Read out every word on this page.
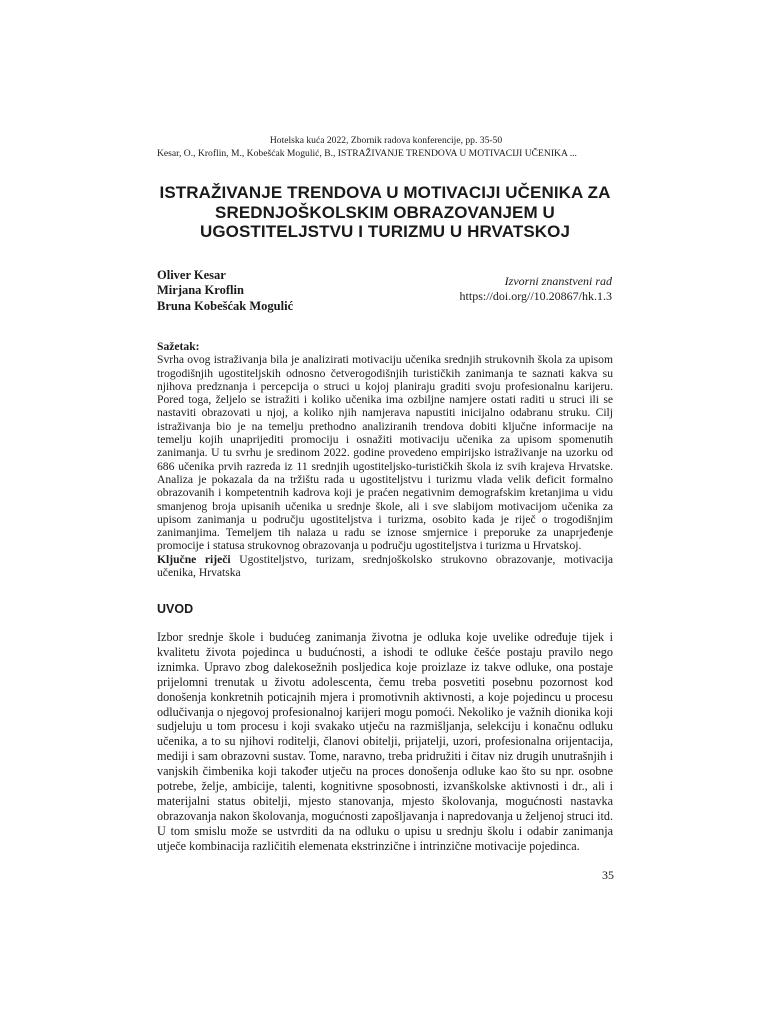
Hotelska kuća 2022, Zbornik radova konferencije, pp. 35-50
Kesar, O., Kroflin, M., Kobešćak Mogulić, B., ISTRAŽIVANJE TRENDOVA U MOTIVACIJI UČENIKA ...
ISTRAŽIVANJE TRENDOVA U MOTIVACIJI UČENIKA ZA SREDNJOŠKOLSKIM OBRAZOVANJEM U UGOSTITELJSTVU I TURIZMU U HRVATSKOJ
Oliver Kesar
Mirjana Kroflin
Bruna Kobešćak Mogulić
Izvorni znanstveni rad
https://doi.org//10.20867/hk.1.3
Sažetak:
Svrha ovog istraživanja bila je analizirati motivaciju učenika srednjih strukovnih škola za upisom trogodišnjih ugostiteljskih odnosno četverogodišnjih turističkih zanimanja te saznati kakva su njihova predznanja i percepcija o struci u kojoj planiraju graditi svoju profesionalnu karijeru. Pored toga, željelo se istražiti i koliko učenika ima ozbiljne namjere ostati raditi u struci ili se nastaviti obrazovati u njoj, a koliko njih namjerava napustiti inicijalno odabranu struku. Cilj istraživanja bio je na temelju prethodno analiziranih trendova dobiti ključne informacije na temelju kojih unaprijediti promociju i osnažiti motivaciju učenika za upisom spomenutih zanimanja. U tu svrhu je sredinom 2022. godine provedeno empirijsko istraživanje na uzorku od 686 učenika prvih razreda iz 11 srednjih ugostiteljsko-turističkih škola iz svih krajeva Hrvatske. Analiza je pokazala da na tržištu rada u ugostiteljstvu i turizmu vlada velik deficit formalno obrazovanih i kompetentnih kadrova koji je praćen negativnim demografskim kretanjima u vidu smanjenog broja upisanih učenika u srednje škole, ali i sve slabijom motivacijom učenika za upisom zanimanja u području ugostiteljstva i turizma, osobito kada je riječ o trogodišnjim zanimanjima. Temeljem tih nalaza u radu se iznose smjernice i preporuke za unaprjeđenje promocije i statusa strukovnog obrazovanja u području ugostiteljstva i turizma u Hrvatskoj.
Ključne riječi Ugostiteljstvo, turizam, srednjoškolsko strukovno obrazovanje, motivacija učenika, Hrvatska
UVOD
Izbor srednje škole i budućeg zanimanja životna je odluka koje uvelike određuje tijek i kvalitetu života pojedinca u budućnosti, a ishodi te odluke češće postaju pravilo nego iznimka. Upravo zbog dalekosežnih posljedica koje proizlaze iz takve odluke, ona postaje prijelomni trenutak u životu adolescenta, čemu treba posvetiti posebnu pozornost kod donošenja konkretnih poticajnih mjera i promotivnih aktivnosti, a koje pojedincu u procesu odlučivanja o njegovoj profesionalnoj karijeri mogu pomoći. Nekoliko je važnih dionika koji sudjeluju u tom procesu i koji svakako utječu na razmišljanja, selekciju i konačnu odluku učenika, a to su njihovi roditelji, članovi obitelji, prijatelji, uzori, profesionalna orijentacija, mediji i sam obrazovni sustav. Tome, naravno, treba pridružiti i čitav niz drugih unutrašnjih i vanjskih čimbenika koji također utječu na proces donošenja odluke kao što su npr. osobne potrebe, želje, ambicije, talenti, kognitivne sposobnosti, izvanškolske aktivnosti i dr., ali i materijalni status obitelji, mjesto stanovanja, mjesto školovanja, mogućnosti nastavka obrazovanja nakon školovanja, mogućnosti zapošljavanja i napredovanja u željenoj struci itd. U tom smislu može se ustvrditi da na odluku o upisu u srednju školu i odabir zanimanja utječe kombinacija različitih elemenata ekstrinzične i intrinzične motivacije pojedinca.
35
